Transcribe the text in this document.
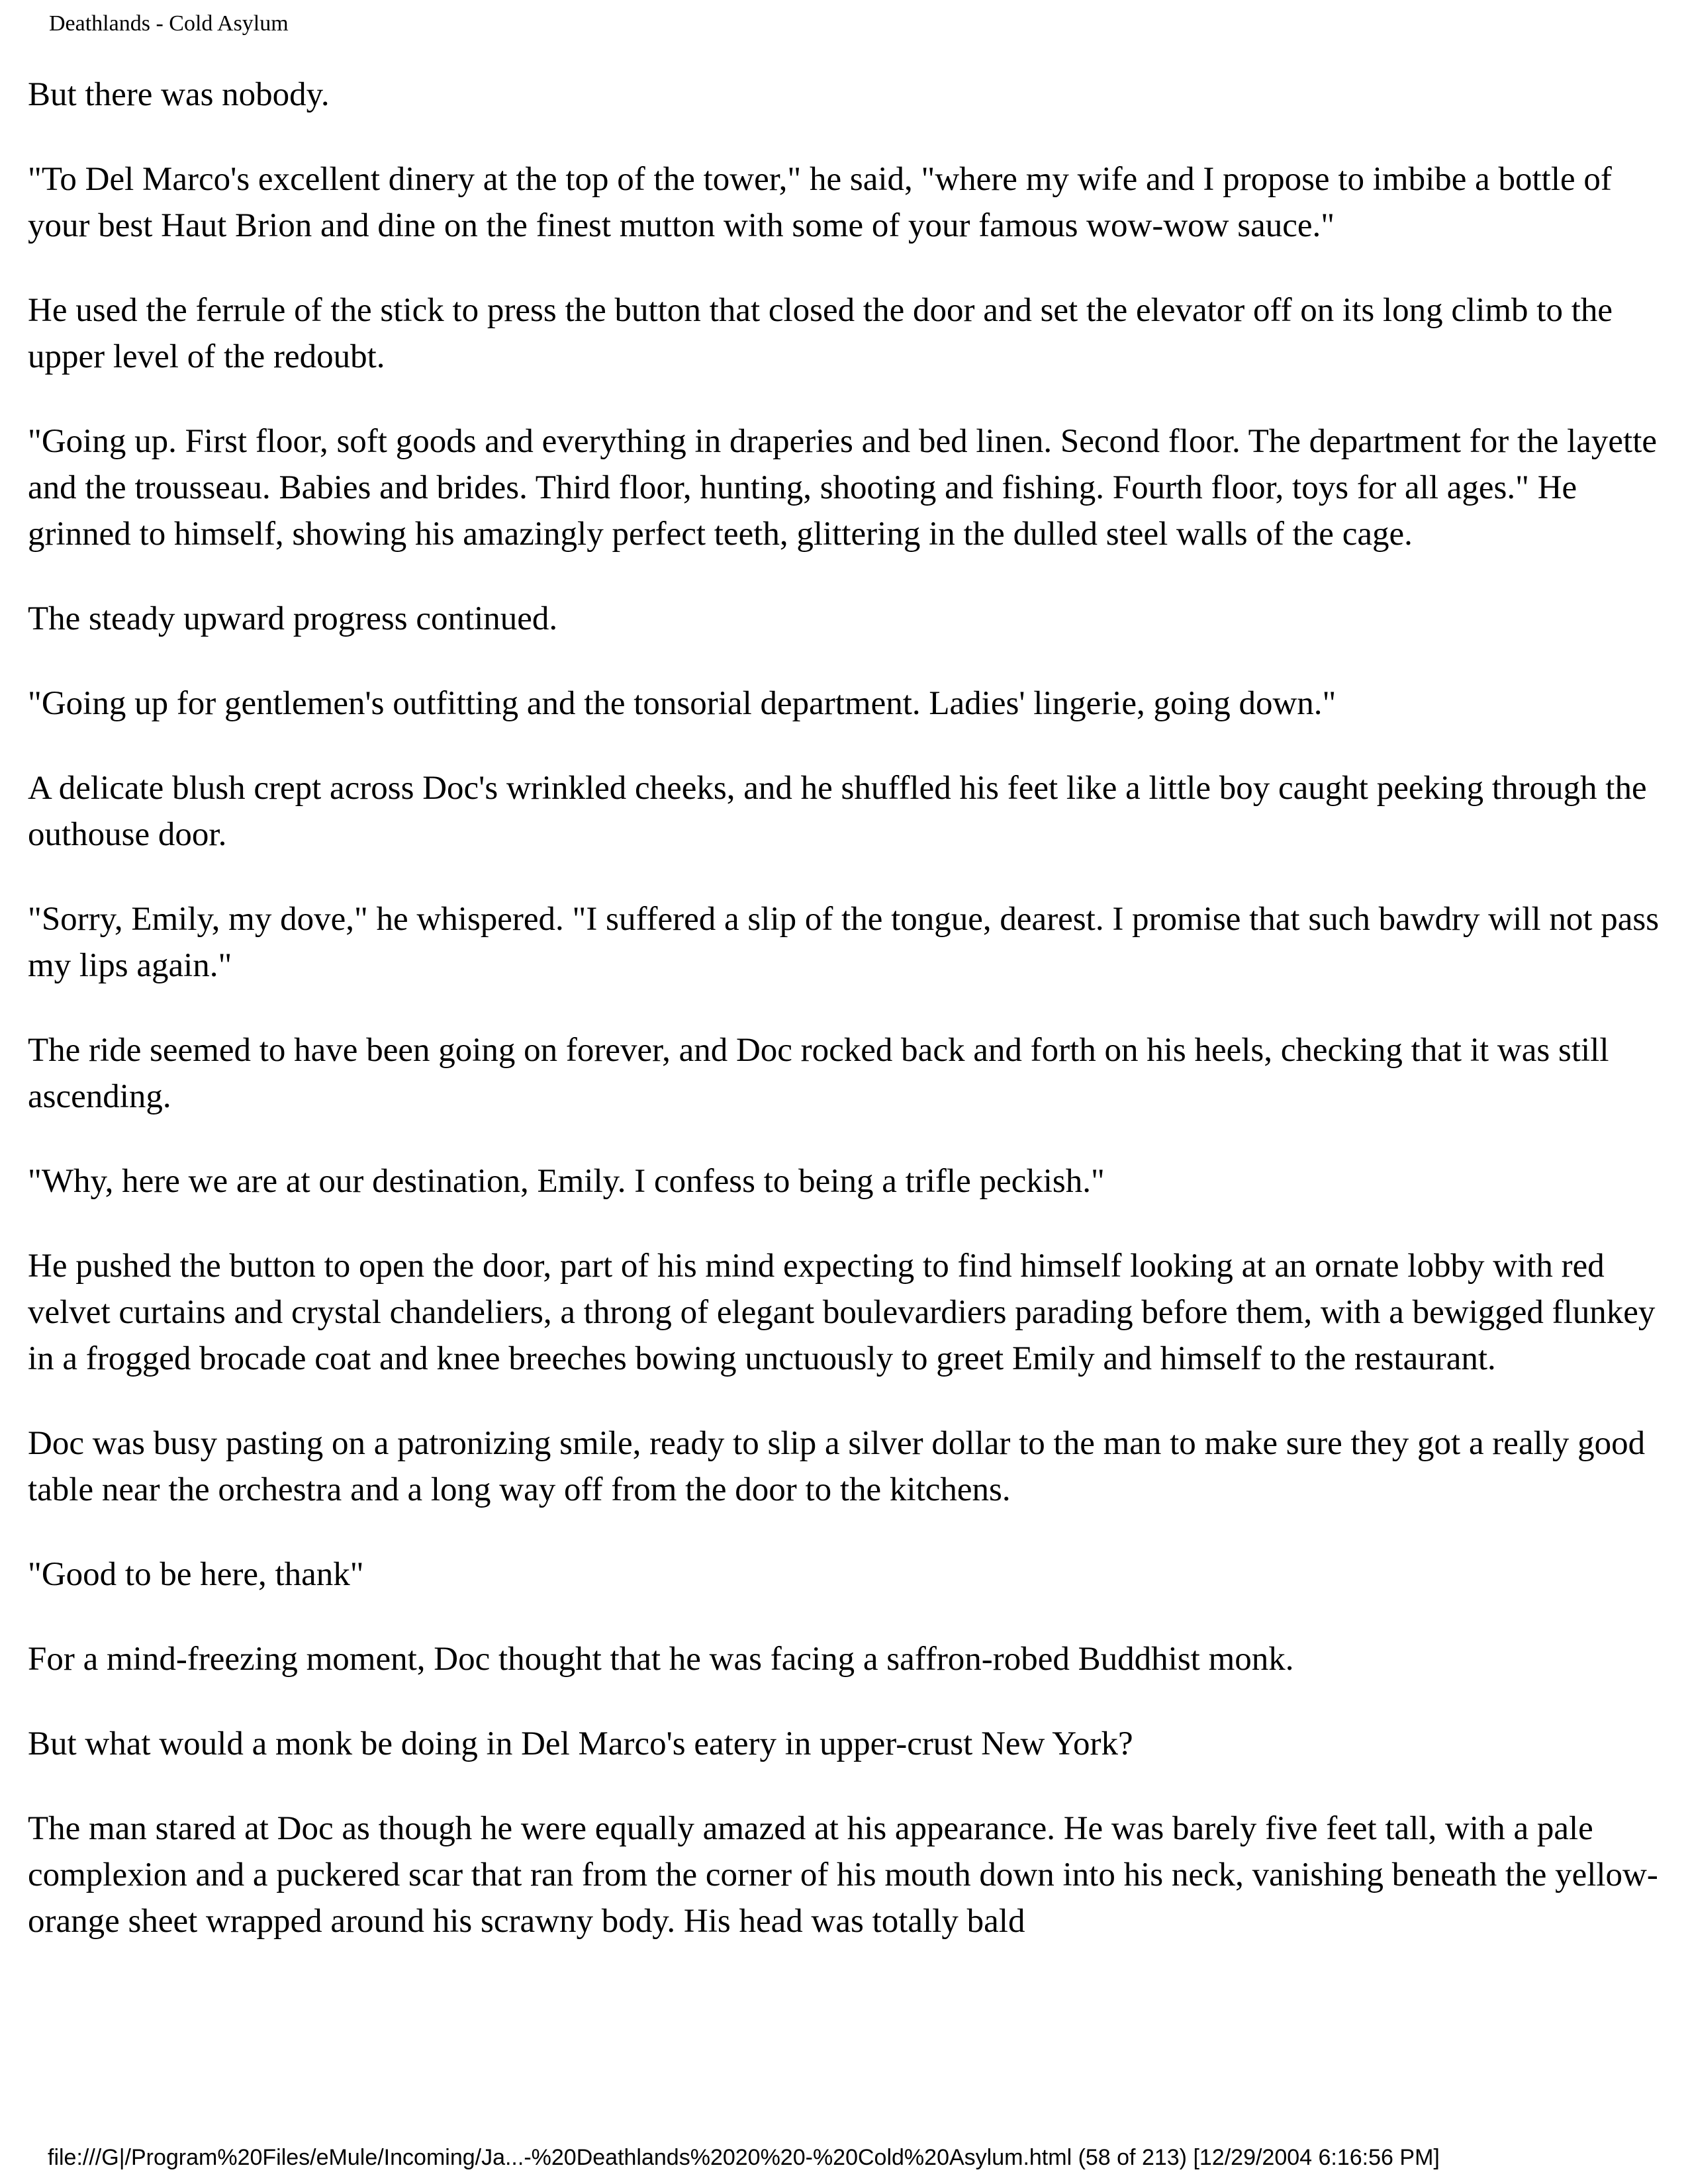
Deathlands - Cold Asylum

But there was nobody.

"To Del Marco's excellent dinery at the top of the tower," he said, "where my wife and I propose to imbibe a bottle of your best Haut Brion and dine on the finest mutton with some of your famous wow-wow sauce."

He used the ferrule of the stick to press the button that closed the door and set the elevator off on its long climb to the upper level of the redoubt.

"Going up. First floor, soft goods and everything in draperies and bed linen. Second floor. The department for the layette and the trousseau. Babies and brides. Third floor, hunting, shooting and fishing. Fourth floor, toys for all ages." He grinned to himself, showing his amazingly perfect teeth, glittering in the dulled steel walls of the cage.

The steady upward progress continued.

"Going up for gentlemen's outfitting and the tonsorial department. Ladies' lingerie, going down."

A delicate blush crept across Doc's wrinkled cheeks, and he shuffled his feet like a little boy caught peeking through the outhouse door.

"Sorry, Emily, my dove," he whispered. "I suffered a slip of the tongue, dearest. I promise that such bawdry will not pass my lips again."

The ride seemed to have been going on forever, and Doc rocked back and forth on his heels, checking that it was still ascending.

"Why, here we are at our destination, Emily. I confess to being a trifle peckish."

He pushed the button to open the door, part of his mind expecting to find himself looking at an ornate lobby with red velvet curtains and crystal chandeliers, a throng of elegant boulevardiers parading before them, with a bewigged flunkey in a frogged brocade coat and knee breeches bowing unctuously to greet Emily and himself to the restaurant.

Doc was busy pasting on a patronizing smile, ready to slip a silver dollar to the man to make sure they got a really good table near the orchestra and a long way off from the door to the kitchens.

"Good to be here, thank"

For a mind-freezing moment, Doc thought that he was facing a saffron-robed Buddhist monk.

But what would a monk be doing in Del Marco's eatery in upper-crust New York?

The man stared at Doc as though he were equally amazed at his appearance. He was barely five feet tall, with a pale complexion and a puckered scar that ran from the corner of his mouth down into his neck, vanishing beneath the yellow-orange sheet wrapped around his scrawny body. His head was totally bald

file:///G|/Program%20Files/eMule/Incoming/Ja...-%20Deathlands%2020%20-%20Cold%20Asylum.html (58 of 213) [12/29/2004 6:16:56 PM]
